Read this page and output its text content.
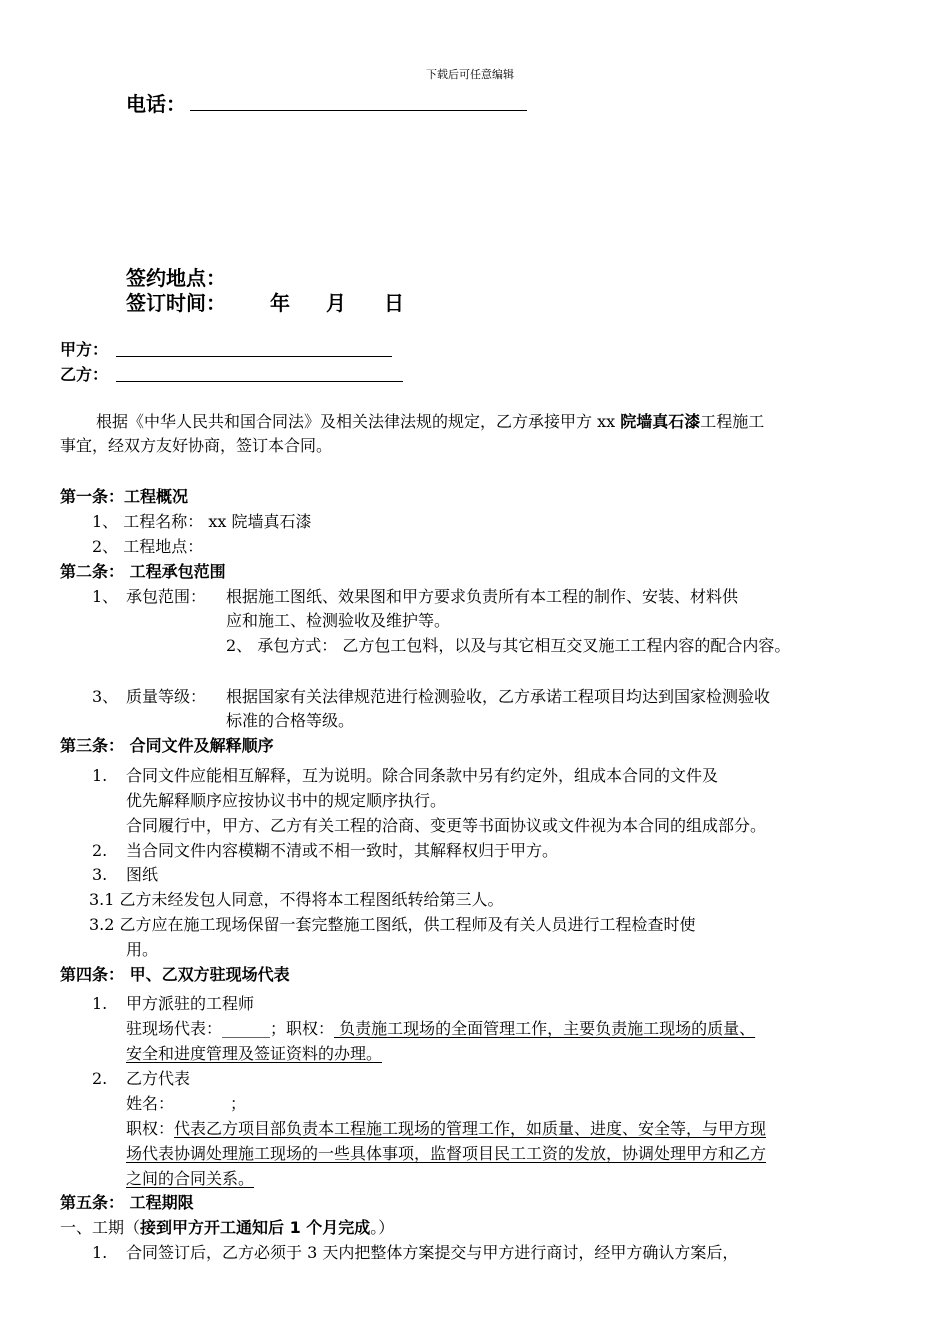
下载后可任意编辑
电话：
签约地点：
签订时间： 年 月 日
甲方：
乙方：
根据《中华人民共和国合同法》及相关法律法规的规定，乙方承接甲方 xx 院墙真石漆工程施工
事宜，经双方友好协商，签订本合同。
第一条：工程概况
1、 工程名称： xx 院墙真石漆
2、 工程地点：
第二条： 工程承包范围
1、 承包范围： 根据施工图纸、效果图和甲方要求负责所有本工程的制作、安装、材料供
应和施工、检测验收及维护等。
2、 承包方式： 乙方包工包料，以及与其它相互交叉施工工程内容的配合内容。
3、 质量等级： 根据国家有关法律规范进行检测验收，乙方承诺工程项目均达到国家检测验收
标准的合格等级。
第三条： 合同文件及解释顺序
1. 合同文件应能相互解释，互为说明。除合同条款中另有约定外，组成本合同的文件及
优先解释顺序应按协议书中的规定顺序执行。
合同履行中，甲方、乙方有关工程的洽商、变更等书面协议或文件视为本合同的组成部分。
2. 当合同文件内容模糊不清或不相一致时，其解释权归于甲方。
3. 图纸
3.1 乙方未经发包人同意，不得将本工程图纸转给第三人。
3.2 乙方应在施工现场保留一套完整施工图纸，供工程师及有关人员进行工程检查时使
用。
第四条： 甲、乙双方驻现场代表
1. 甲方派驻的工程师
驻现场代表：______；职权： 负责施工现场的全面管理工作，主要负责施工现场的质量、
安全和进度管理及签证资料的办理。
2. 乙方代表
姓名：	；
职权：代表乙方项目部负责本工程施工现场的管理工作，如质量、进度、安全等，与甲方现
场代表协调处理施工现场的一些具体事项，监督项目民工工资的发放，协调处理甲方和乙方
之间的合同关系。
第五条： 工程期限
一、工期（接到甲方开工通知后 1 个月完成。）
1. 合同签订后，乙方必须于 3 天内把整体方案提交与甲方进行商讨，经甲方确认方案后，
